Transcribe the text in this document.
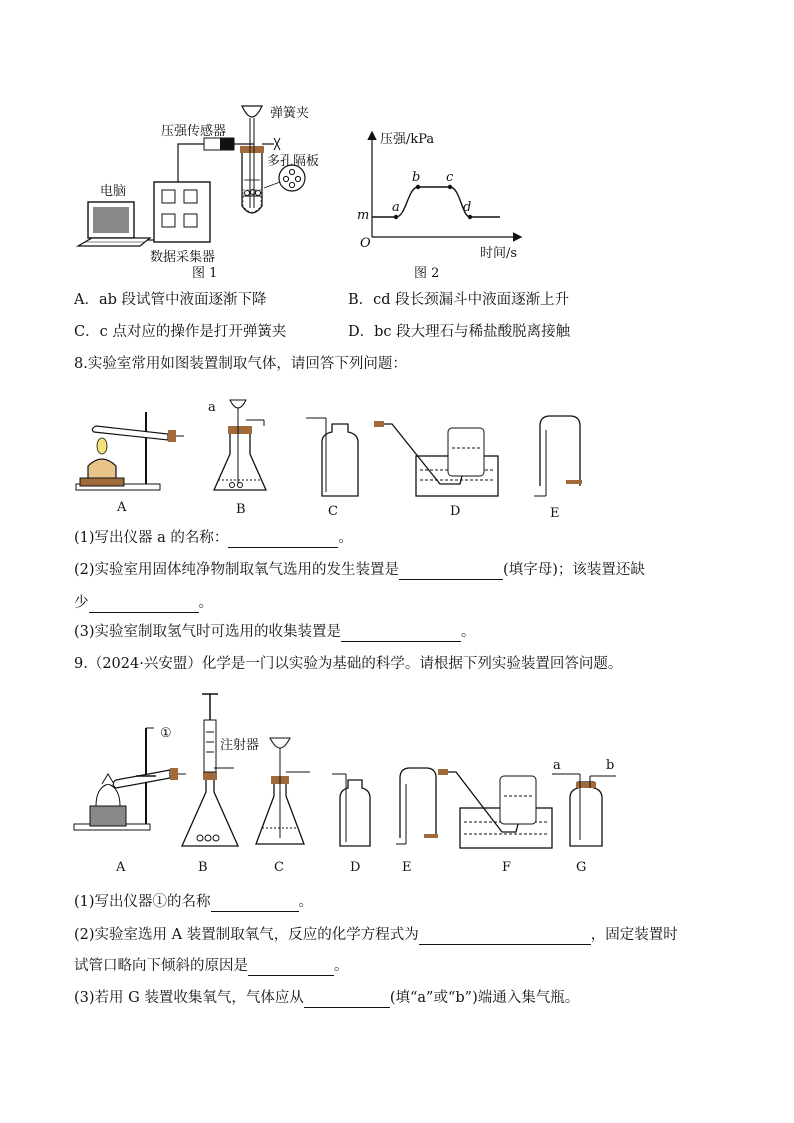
压强传感器
弹簧夹
多孔隔板
电脑
数据采集器
图 1
压强/kPa
时间/s
O
m
a
b c
d
图 2
A．ab 段试管中液面逐渐下降	B．cd 段长颈漏斗中液面逐渐上升
C．c 点对应的操作是打开弹簧夹	D．bc 段大理石与稀盐酸脱离接触
8.实验室常用如图装置制取气体，请回答下列问题：
a
A	B	C	D	E
(1)写出仪器 a 的名称：	。
(2)实验室用固体纯净物制取氧气选用的发生装置是	(填字母)；该装置还缺
少	。
(3)实验室制取氢气时可选用的收集装置是	。
9.（2024·兴安盟）化学是一门以实验为基础的科学。请根据下列实验装置回答问题。
①
注射器
a	b
A	B	C	D	E	F	G
(1)写出仪器①的名称	。
(2)实验室选用 A 装置制取氧气，反应的化学方程式为	，固定装置时
试管口略向下倾斜的原因是	。
(3)若用 G 装置收集氧气，气体应从	(填“a”或“b”)端通入集气瓶。
